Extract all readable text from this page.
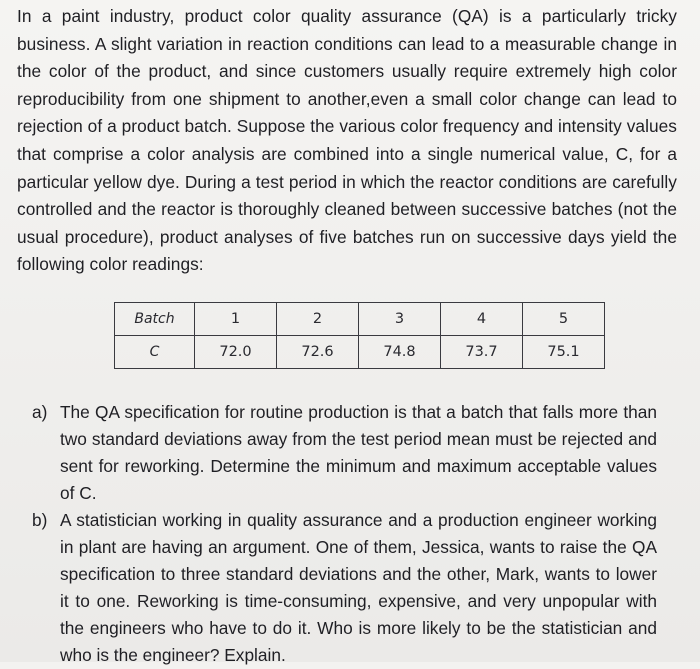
In a paint industry, product color quality assurance (QA) is a particularly tricky business. A slight variation in reaction conditions can lead to a measurable change in the color of the product, and since customers usually require extremely high color reproducibility from one shipment to another,even a small color change can lead to rejection of a product batch. Suppose the various color frequency and intensity values that comprise a color analysis are combined into a single numerical value, C, for a particular yellow dye. During a test period in which the reactor conditions are carefully controlled and the reactor is thoroughly cleaned between successive batches (not the usual procedure), product analyses of five batches run on successive days yield the following color readings:

Batch	1	2	3	4	5
C	72.0	72.6	74.8	73.7	75.1
a) The QA specification for routine production is that a batch that falls more than two standard deviations away from the test period mean must be rejected and sent for reworking. Determine the minimum and maximum acceptable values of C.
b) A statistician working in quality assurance and a production engineer working in plant are having an argument. One of them, Jessica, wants to raise the QA specification to three standard deviations and the other, Mark, wants to lower it to one. Reworking is time-consuming, expensive, and very unpopular with the engineers who have to do it. Who is more likely to be the statistician and who is the engineer? Explain.
